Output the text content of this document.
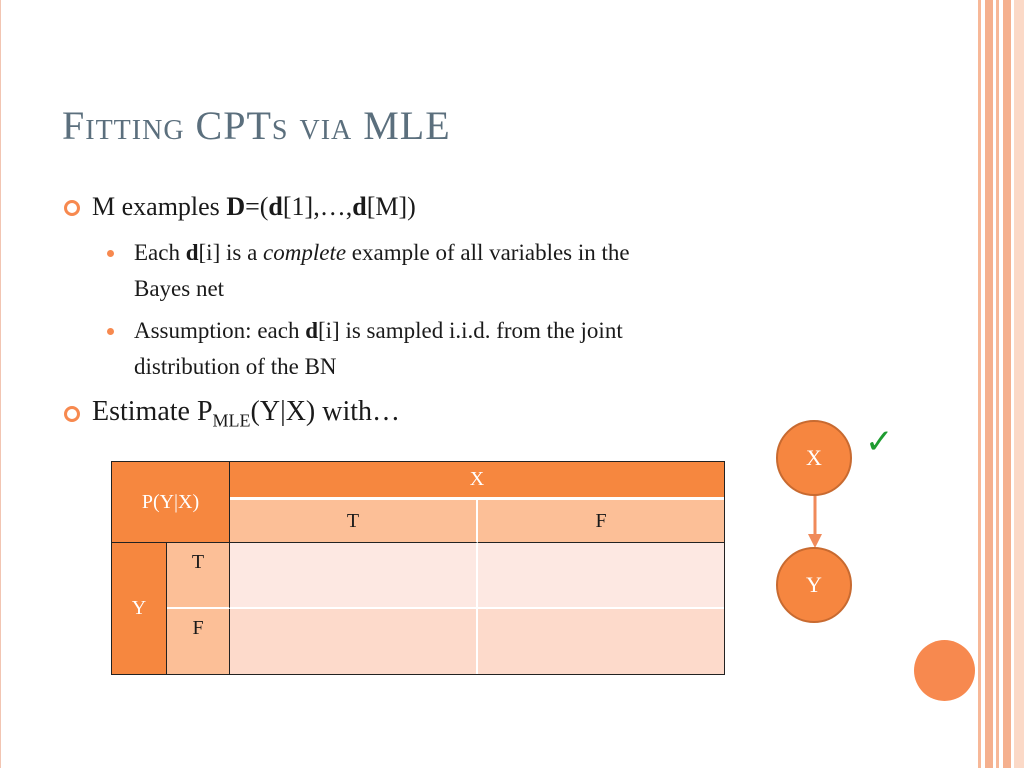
Fitting CPTs via MLE
M examples D=(d[1],…,d[M])
Each d[i] is a complete example of all variables in the
Bayes net
Assumption: each d[i] is sampled i.i.d. from the joint
distribution of the BN
Estimate $P_{MLE}(Y|X)$ with…
P(Y|X)
X
T	F
Y
T
F
X
Y
✓
